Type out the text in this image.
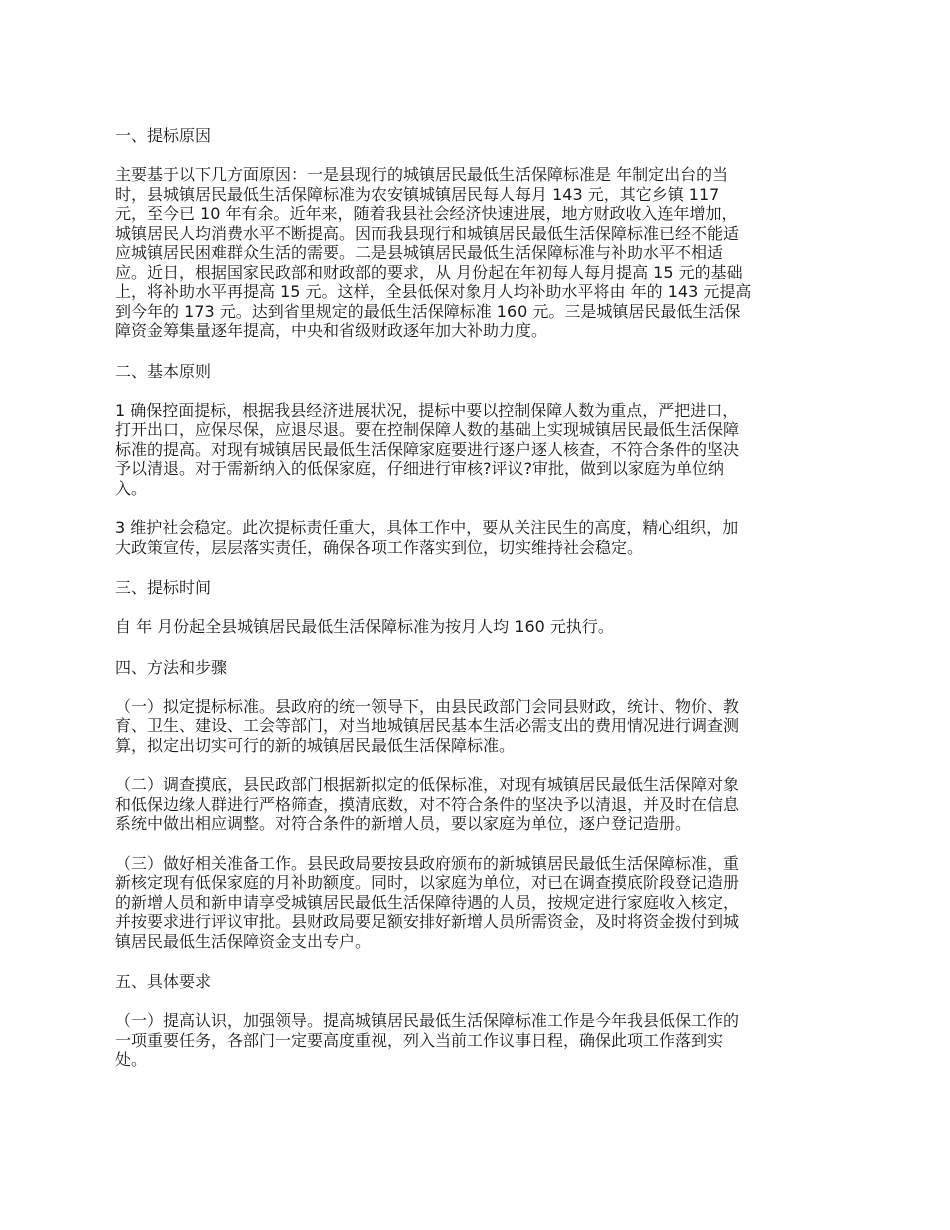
一、提标原因
主要基于以下几方面原因：一是县现行的城镇居民最低生活保障标准是 年制定出台的当
时，县城镇居民最低生活保障标准为农安镇城镇居民每人每月 143 元，其它乡镇 117
元，至今已 10 年有余。近年来，随着我县社会经济快速进展，地方财政收入连年增加，
城镇居民人均消费水平不断提高。因而我县现行和城镇居民最低生活保障标准已经不能适
应城镇居民困难群众生活的需要。二是县城镇居民最低生活保障标准与补助水平不相适
应。近日，根据国家民政部和财政部的要求，从 月份起在年初每人每月提高 15 元的基础
上，将补助水平再提高 15 元。这样，全县低保对象月人均补助水平将由 年的 143 元提高
到今年的 173 元。达到省里规定的最低生活保障标准 160 元。三是城镇居民最低生活保
障资金筹集量逐年提高，中央和省级财政逐年加大补助力度。
二、基本原则
1 确保控面提标，根据我县经济进展状况，提标中要以控制保障人数为重点，严把进口，
打开出口，应保尽保，应退尽退。要在控制保障人数的基础上实现城镇居民最低生活保障
标准的提高。对现有城镇居民最低生活保障家庭要进行逐户逐人核查，不符合条件的坚决
予以清退。对于需新纳入的低保家庭，仔细进行审核?评议?审批，做到以家庭为单位纳
入。
3 维护社会稳定。此次提标责任重大，具体工作中，要从关注民生的高度，精心组织，加
大政策宣传，层层落实责任，确保各项工作落实到位，切实维持社会稳定。
三、提标时间
自 年 月份起全县城镇居民最低生活保障标准为按月人均 160 元执行。
四、方法和步骤
（一）拟定提标标准。县政府的统一领导下，由县民政部门会同县财政，统计、物价、教
育、卫生、建设、工会等部门，对当地城镇居民基本生活必需支出的费用情况进行调查测
算，拟定出切实可行的新的城镇居民最低生活保障标准。
（二）调查摸底，县民政部门根据新拟定的低保标准，对现有城镇居民最低生活保障对象
和低保边缘人群进行严格筛查，摸清底数，对不符合条件的坚决予以清退，并及时在信息
系统中做出相应调整。对符合条件的新增人员，要以家庭为单位，逐户登记造册。
（三）做好相关准备工作。县民政局要按县政府颁布的新城镇居民最低生活保障标准，重
新核定现有低保家庭的月补助额度。同时，以家庭为单位，对已在调查摸底阶段登记造册
的新增人员和新申请享受城镇居民最低生活保障待遇的人员，按规定进行家庭收入核定，
并按要求进行评议审批。县财政局要足额安排好新增人员所需资金，及时将资金拨付到城
镇居民最低生活保障资金支出专户。
五、具体要求
（一）提高认识，加强领导。提高城镇居民最低生活保障标准工作是今年我县低保工作的
一项重要任务，各部门一定要高度重视，列入当前工作议事日程，确保此项工作落到实
处。
